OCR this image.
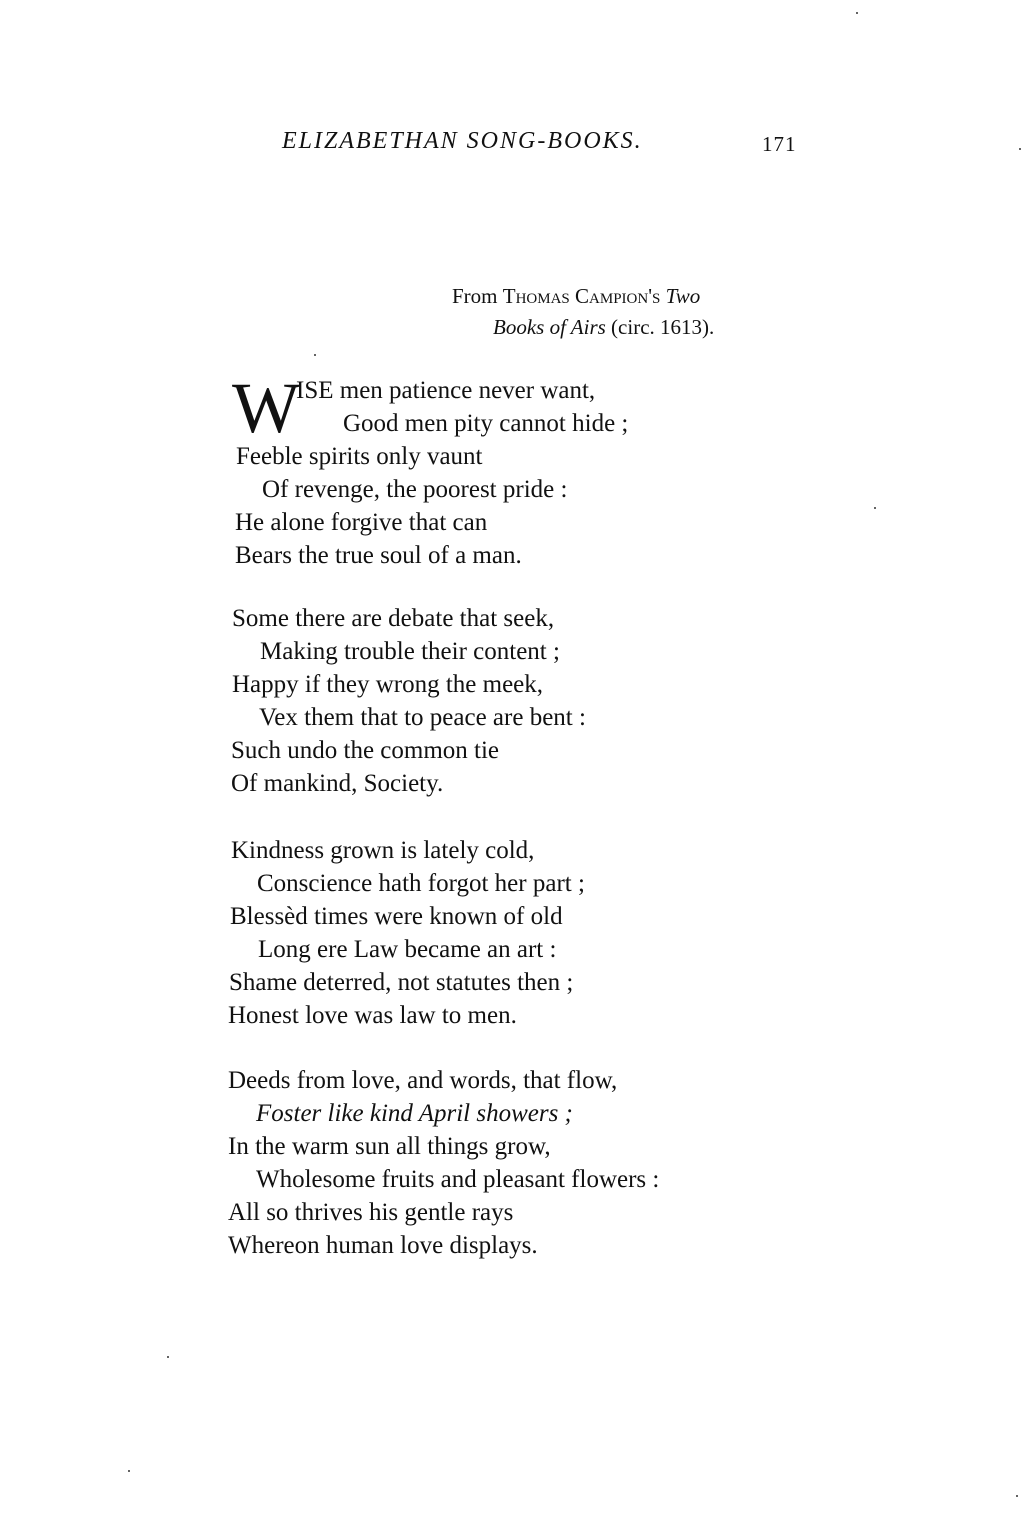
ELIZABETHAN SONG-BOOKS.	171
From Thomas Campion's Two
Books of Airs (circ. 1613).
W
ISE men patience never want,
Good men pity cannot hide ;
Feeble spirits only vaunt
Of revenge, the poorest pride :
He alone forgive that can
Bears the true soul of a man.
Some there are debate that seek,
Making trouble their content ;
Happy if they wrong the meek,
Vex them that to peace are bent :
Such undo the common tie
Of mankind, Society.
Kindness grown is lately cold,
Conscience hath forgot her part ;
Blessèd times were known of old
Long ere Law became an art :
Shame deterred, not statutes then ;
Honest love was law to men.
Deeds from love, and words, that flow,
Foster like kind April showers ;
In the warm sun all things grow,
Wholesome fruits and pleasant flowers :
All so thrives his gentle rays
Whereon human love displays.
